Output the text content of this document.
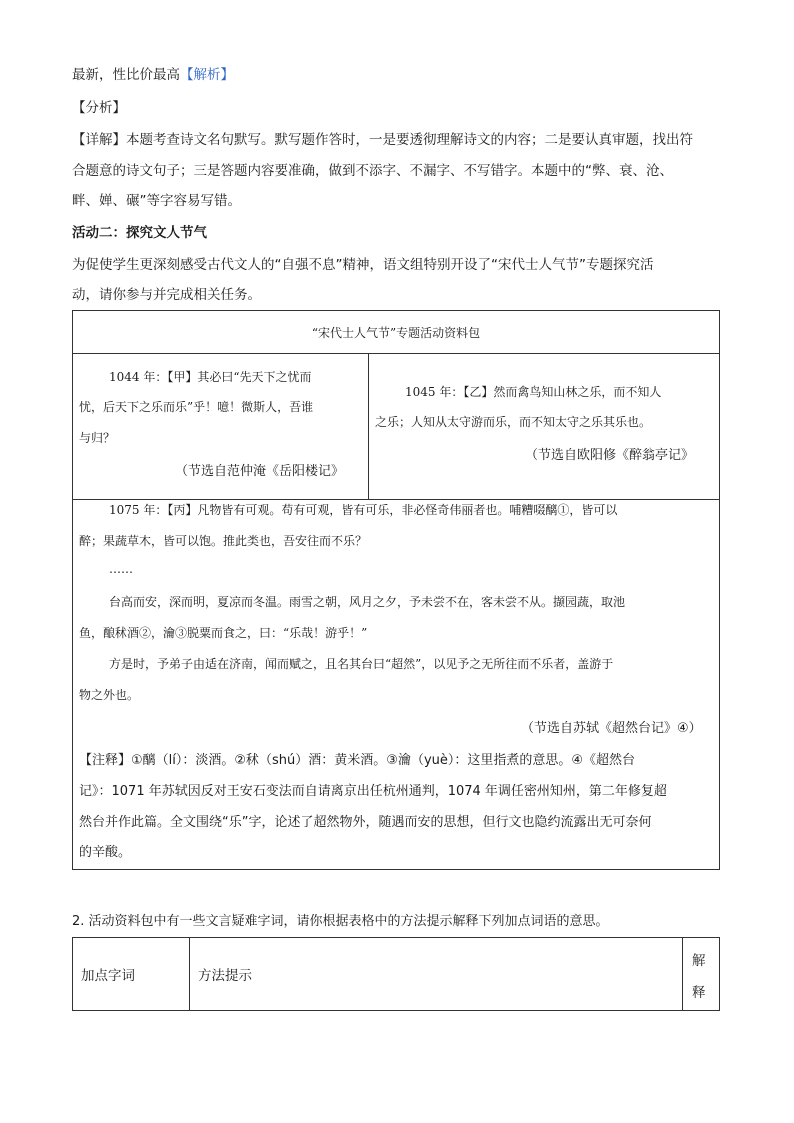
最新，性比价最高【解析】
【分析】
【详解】本题考查诗文名句默写。默写题作答时，一是要透彻理解诗文的内容；二是要认真审题，找出符
合题意的诗文句子；三是答题内容要准确，做到不添字、不漏字、不写错字。本题中的“弊、衰、沧、
畔、婵、碾”等字容易写错。
活动二：探究文人节气
为促使学生更深刻感受古代文人的“自强不息”精神，语文组特别开设了“宋代士人气节”专题探究活
动，请你参与并完成相关任务。
“宋代士人气节”专题活动资料包
1044 年：【甲】其必曰“先天下之忧而
忧，后天下之乐而乐”乎！噫！微斯人，吾谁
与归？
（节选自范仲淹《岳阳楼记》
1045 年：【乙】然而禽鸟知山林之乐，而不知人
之乐；人知从太守游而乐，而不知太守之乐其乐也。
（节选自欧阳修《醉翁亭记》
1075 年：【丙】凡物皆有可观。苟有可观，皆有可乐，非必怪奇伟丽者也。哺糟啜醨①，皆可以
醉；果蔬草木，皆可以饱。推此类也，吾安往而不乐？
……
台高而安，深而明，夏凉而冬温。雨雪之朝，风月之夕，予未尝不在，客未尝不从。撷园蔬，取池
鱼，酿秫酒②，瀹③脱粟而食之，曰：“乐哉！游乎！”
方是时，予弟子由适在济南，闻而赋之，且名其台曰“超然”，以见予之无所往而不乐者，盖游于
物之外也。
（节选自苏轼《超然台记》④）
【注释】①醨（lí）：淡酒。②秫（shú）酒：黄米酒。③瀹（yuè）：这里指煮的意思。④《超然台
记》：1071 年苏轼因反对王安石变法而自请离京出任杭州通判，1074 年调任密州知州，第二年修复超
然台并作此篇。全文围绕“乐”字，论述了超然物外，随遇而安的思想，但行文也隐约流露出无可奈何
的辛酸。
2. 活动资料包中有一些文言疑难字词，请你根据表格中的方法提示解释下列加点词语的意思。
加点字词	方法提示
解
释
